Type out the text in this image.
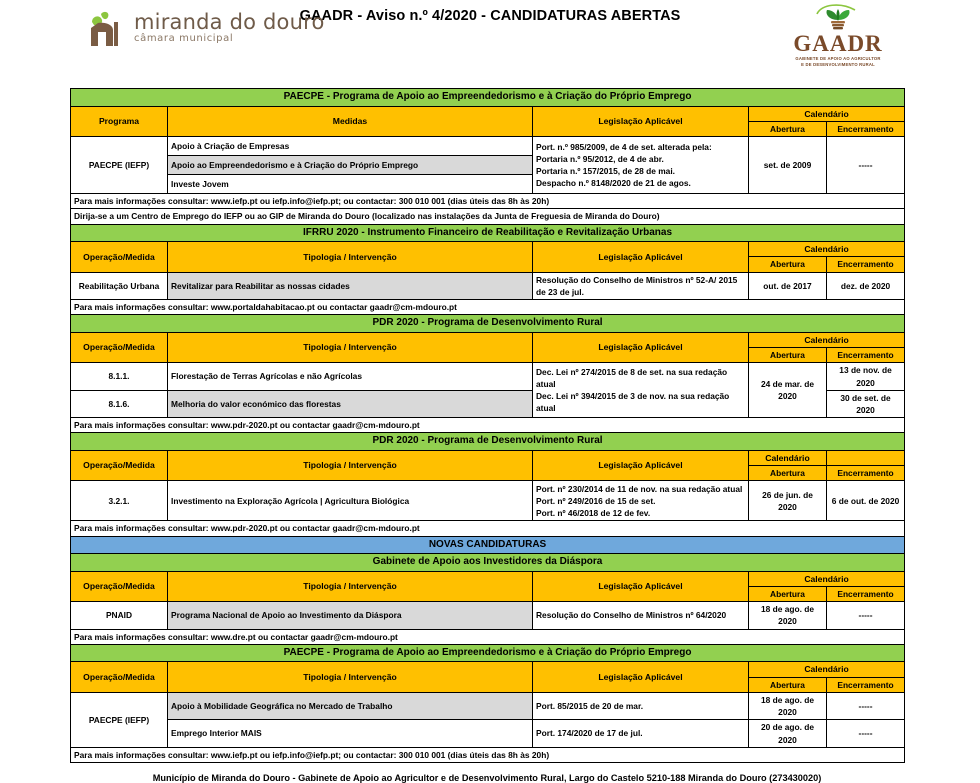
miranda do douro
câmara municipal	GAADR
GABINETE DE APOIO AO AGRICULTOR
E DE DESENVOLVIMENTO RURAL
GAADR - Aviso n.º 4/2020 - CANDIDATURAS ABERTAS
PAECPE - Programa de Apoio ao Empreendedorismo e à Criação do Próprio Emprego				
Programa	Medidas	Legislação Aplicável	Calendário	
			Abertura	Encerramento
PAECPE (IEFP)	Apoio à Criação de Empresas	Port. n.º 985/2009, de 4 de set. alterada pela:
Portaria n.º 95/2012, de 4 de abr.
Portaria n.º 157/2015, de 28 de mai.
Despacho n.º 8148/2020 de 21 de agos.	set. de 2009	-----
	Apoio ao Empreendedorismo e à Criação do Próprio Emprego			
	Investe Jovem			
Para mais informações consultar: www.iefp.pt ou iefp.info@iefp.pt; ou contactar: 300 010 001 (dias úteis das 8h às 20h)				
Dirija-se a um Centro de Emprego do IEFP ou ao GIP de Miranda do Douro (localizado nas instalações da Junta de Freguesia de Miranda do Douro)				
IFRRU 2020 - Instrumento Financeiro de Reabilitação e Revitalização Urbanas				
Operação/Medida	Tipologia / Intervenção	Legislação Aplicável	Calendário	
			Abertura	Encerramento
Reabilitação Urbana	Revitalizar para Reabilitar as nossas cidades	Resolução do Conselho de Ministros nº 52-A/ 2015 de 23 de jul.	out. de 2017	dez. de 2020
Para mais informações consultar: www.portaldahabitacao.pt ou contactar gaadr@cm-mdouro.pt				
PDR 2020 - Programa de Desenvolvimento Rural				
Operação/Medida	Tipologia / Intervenção	Legislação Aplicável	Calendário	
			Abertura	Encerramento
8.1.1.	Florestação de Terras Agrícolas e não Agrícolas	Dec. Lei nº 274/2015 de 8 de set. na sua redação atual
Dec. Lei nº 394/2015 de 3 de nov. na sua redação atual	24 de mar. de 2020	13 de nov. de 2020
8.1.6.	Melhoria do valor económico das florestas			30 de set. de 2020
Para mais informações consultar: www.pdr-2020.pt ou contactar gaadr@cm-mdouro.pt				
PDR 2020 - Programa de Desenvolvimento Rural				
Operação/Medida	Tipologia / Intervenção	Legislação Aplicável	Calendário	
			Abertura	Encerramento
3.2.1.	Investimento na Exploração Agrícola | Agricultura Biológica	Port. nº 230/2014 de 11 de nov. na sua redação atual
Port. nº 249/2016 de 15 de set.
Port. nº 46/2018 de 12 de fev.	26 de jun. de 2020	6 de out. de 2020
Para mais informações consultar: www.pdr-2020.pt ou contactar gaadr@cm-mdouro.pt				
NOVAS CANDIDATURAS				
Gabinete de Apoio aos Investidores da Diáspora				
Operação/Medida	Tipologia / Intervenção	Legislação Aplicável	Calendário	
			Abertura	Encerramento
PNAID	Programa Nacional de Apoio ao Investimento da Diáspora	Resolução do Conselho de Ministros nº 64/2020	18 de ago. de 2020	-----
Para mais informações consultar: www.dre.pt ou contactar gaadr@cm-mdouro.pt				
PAECPE - Programa de Apoio ao Empreendedorismo e à Criação do Próprio Emprego				
Operação/Medida	Tipologia / Intervenção	Legislação Aplicável	Calendário	
			Abertura	Encerramento
PAECPE (IEFP)	Apoio à Mobilidade Geográfica no Mercado de Trabalho	Port. 85/2015 de 20 de mar.	18 de ago. de 2020	-----
	Emprego Interior MAIS	Port. 174/2020 de 17 de jul.	20 de ago. de 2020	-----
Para mais informações consultar: www.iefp.pt ou iefp.info@iefp.pt; ou contactar: 300 010 001 (dias úteis das 8h às 20h)				
Município de Miranda do Douro - Gabinete de Apoio ao Agricultor e de Desenvolvimento Rural, Largo do Castelo 5210-188 Miranda do Douro (273430020)
